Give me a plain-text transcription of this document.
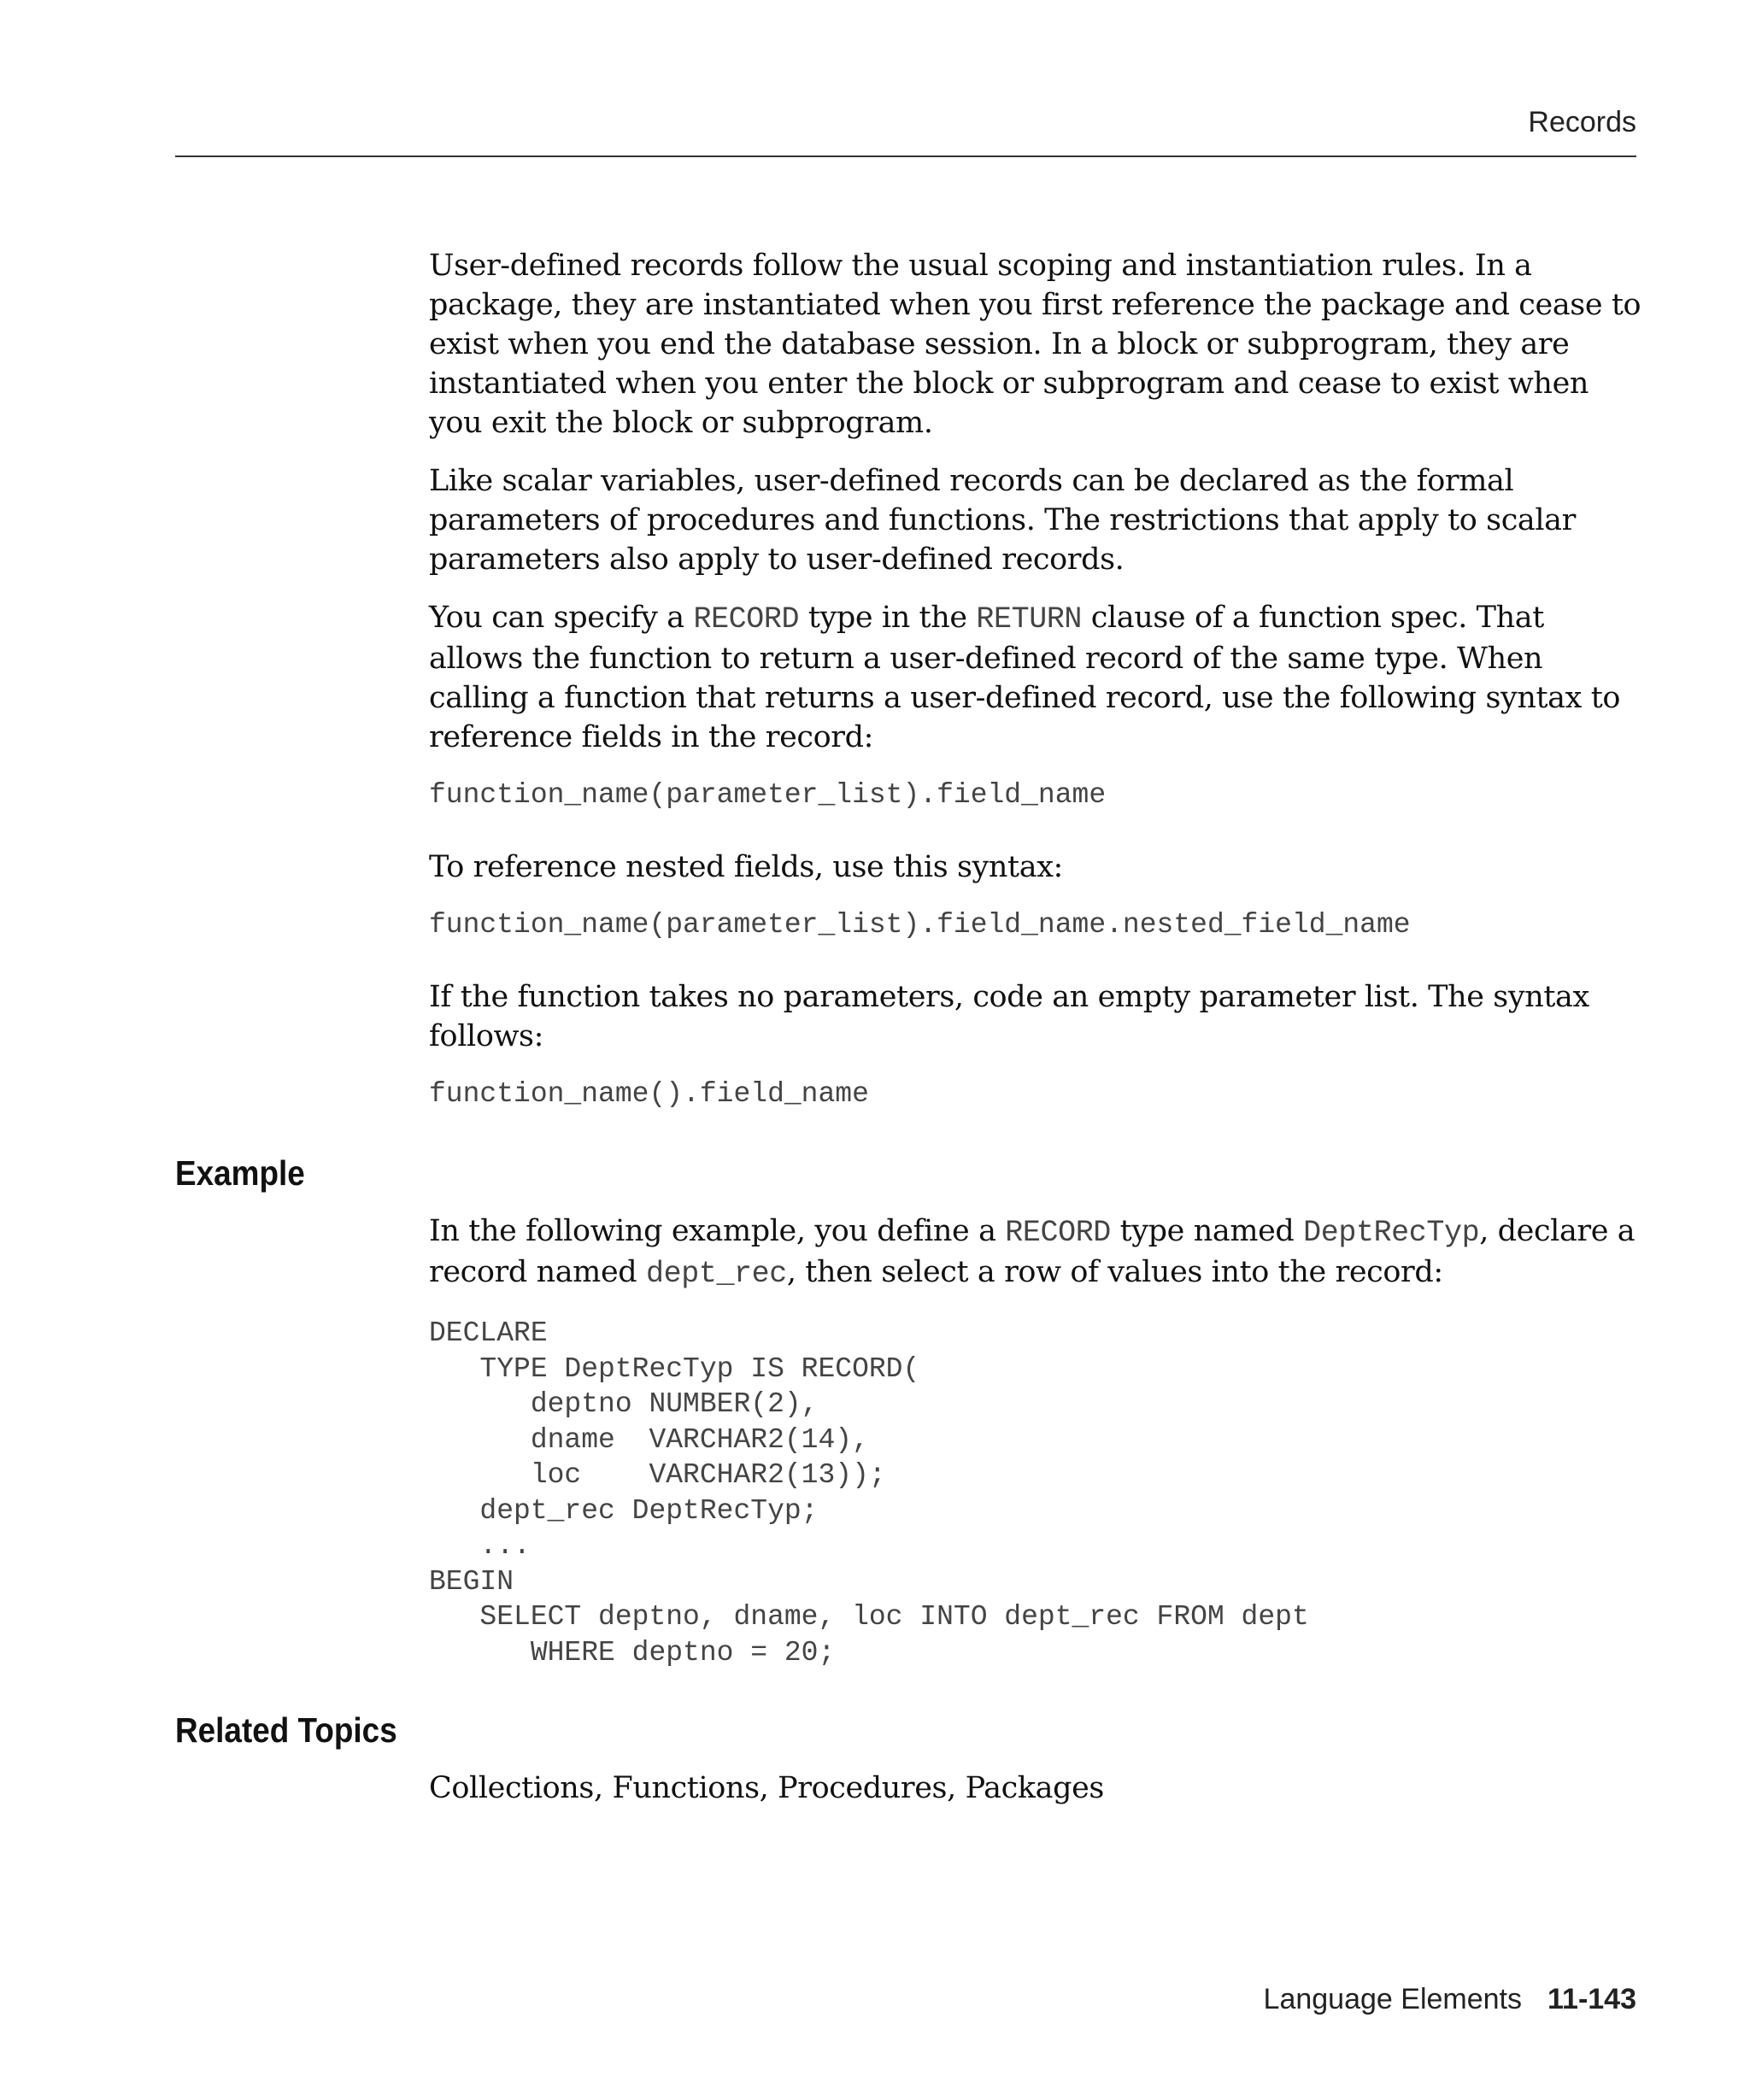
Records

User-defined records follow the usual scoping and instantiation rules. In a package, they are instantiated when you first reference the package and cease to exist when you end the database session. In a block or subprogram, they are instantiated when you enter the block or subprogram and cease to exist when you exit the block or subprogram.

Like scalar variables, user-defined records can be declared as the formal parameters of procedures and functions. The restrictions that apply to scalar parameters also apply to user-defined records.

You can specify a RECORD type in the RETURN clause of a function spec. That allows the function to return a user-defined record of the same type. When calling a function that returns a user-defined record, use the following syntax to reference fields in the record:

function_name(parameter_list).field_name

To reference nested fields, use this syntax:

function_name(parameter_list).field_name.nested_field_name

If the function takes no parameters, code an empty parameter list. The syntax follows:

function_name().field_name

Example

In the following example, you define a RECORD type named DeptRecTyp, declare a record named dept_rec, then select a row of values into the record:

DECLARE
TYPE DeptRecTyp IS RECORD(
deptno NUMBER(2),
dname  VARCHAR2(14),
loc    VARCHAR2(13));
dept_rec DeptRecTyp;
...
BEGIN
SELECT deptno, dname, loc INTO dept_rec FROM dept
WHERE deptno = 20;
Related Topics

Collections, Functions, Procedures, Packages

Language Elements 11-143
